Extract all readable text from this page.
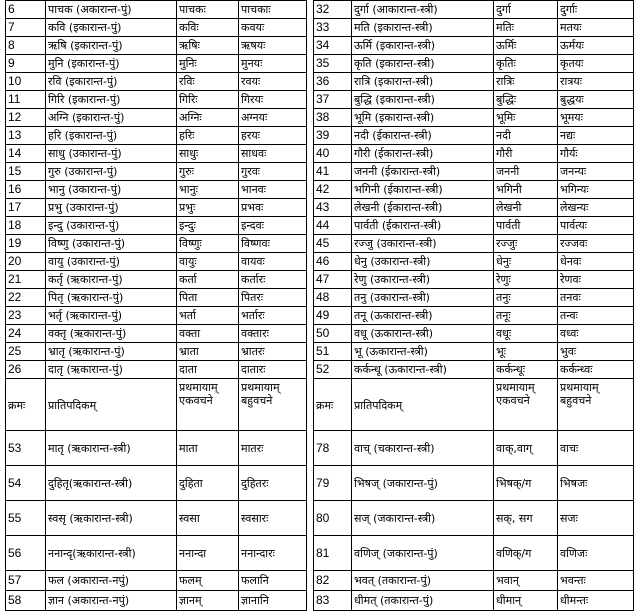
6	पाचक (अकारान्त-पुं)	पाचकः	पाचकाः
7	कवि (इकारान्त-पुं)	कविः	कवयः
8	ऋषि (इकारान्त-पुं)	ऋषिः	ऋषयः
9	मुनि (इकारान्त-पुं)	मुनिः	मुनयः
10	रवि (इकारान्त-पुं)	रविः	रवयः
11	गिरि (इकारान्त-पुं)	गिरिः	गिरयः
12	अग्नि (इकारान्त-पुं)	अग्निः	अग्नयः
13	हरि (इकारान्त-पुं)	हरिः	हरयः
14	साधु (उकारान्त-पुं)	साधुः	साधवः
15	गुरु (उकारान्त-पुं)	गुरुः	गुरवः
16	भानु (उकारान्त-पुं)	भानुः	भानवः
17	प्रभु (उकारान्त-पुं)	प्रभुः	प्रभवः
18	इन्दु (उकारान्त-पुं)	इन्दुः	इन्दवः
19	विष्णु (उकारान्त-पुं)	विष्णुः	विष्णवः
20	वायु (उकारान्त-पुं)	वायुः	वायवः
21	कर्तृ (ऋकारान्त-पुं)	कर्ता	कर्तारः
22	पितृ (ऋकारान्त-पुं)	पिता	पितरः
23	भर्तृ (ऋकारान्त-पुं)	भर्ता	भर्तारः
24	वक्तृ (ऋकारान्त-पुं)	वक्ता	वक्तारः
25	भ्रातृ (ऋकारान्त-पुं)	भ्राता	भ्रातरः
26	दातृ (ऋकारान्त-पुं)	दाता	दातारः
क्रमः	प्रातिपदिकम्	प्रथमायाम् एकवचने	प्रथमायाम् बहुवचने
53	मातृ (ऋकारान्त-स्त्री)	माता	मातरः
54	दुहितृ(ऋकारान्त-स्त्री)	दुहिता	दुहितरः
55	स्वसृ (ऋकारान्त-स्त्री)	स्वसा	स्वसारः
56	ननान्दृ(ऋकारान्त-स्त्री)	ननान्दा	ननान्दारः
57	फल (अकारान्त-नपुं)	फलम्	फलानि
58	ज्ञान (अकारान्त-नपुं)	ज्ञानम्	ज्ञानानि
32	दुर्गा (आकारान्त-स्त्री)	दुर्गा	दुर्गाः
33	मति (इकारान्त-स्त्री)	मतिः	मतयः
34	ऊर्मि (इकारान्त-स्त्री)	ऊर्मिः	ऊर्मयः
35	कृति (इकारान्त-स्त्री)	कृतिः	कृतयः
36	रात्रि (इकारान्त-स्त्री)	रात्रिः	रात्रयः
37	बुद्धि (इकारान्त-स्त्री)	बुद्धिः	बुद्धयः
38	भूमि (इकारान्त-स्त्री)	भूमिः	भूमयः
39	नदी (ईकारान्त-स्त्री)	नदी	नद्यः
40	गौरी (ईकारान्त-स्त्री)	गौरी	गौर्यः
41	जननी (ईकारान्त-स्त्री)	जननी	जनन्यः
42	भगिनी (ईकारान्त-स्त्री)	भगिनी	भगिन्यः
43	लेखनी (ईकारान्त-स्त्री)	लेखनी	लेखन्यः
44	पार्वती (ईकारान्त-स्त्री)	पार्वती	पार्वत्यः
45	रज्जु (उकारान्त-स्त्री)	रज्जुः	रज्जवः
46	धेनु (उकारान्त-स्त्री)	धेनुः	धेनवः
47	रेणु (उकारान्त-स्त्री)	रेणुः	रेणवः
48	तनु (उकारान्त-स्त्री)	तनुः	तनवः
49	तनू (ऊकारान्त-स्त्री)	तनूः	तन्वः
50	वधू (ऊकारान्त-स्त्री)	वधूः	वध्वः
51	भू (ऊकारान्त-स्त्री)	भूः	भुवः
52	कर्कन्धू (ऊकारान्त-स्त्री)	कर्कन्धूः	कर्कन्ध्वः
क्रमः	प्रातिपदिकम्	प्रथमायाम् एकवचने	प्रथमायाम् बहुवचने
78	वाच् (चकारान्त-स्त्री)	वाक्,वाग्	वाचः
79	भिषज् (जकारान्त-पुं)	भिषक्/ग	भिषजः
80	सज् (जकारान्त-स्त्री)	सक्, सग	सजः
81	वणिज् (जकारान्त-पुं)	वणिक्/ग	वणिजः
82	भवत् (तकारान्त-पुं)	भवान्	भवन्तः
83	धीमत् (तकारान्त-पुं)	धीमान्	धीमन्तः
